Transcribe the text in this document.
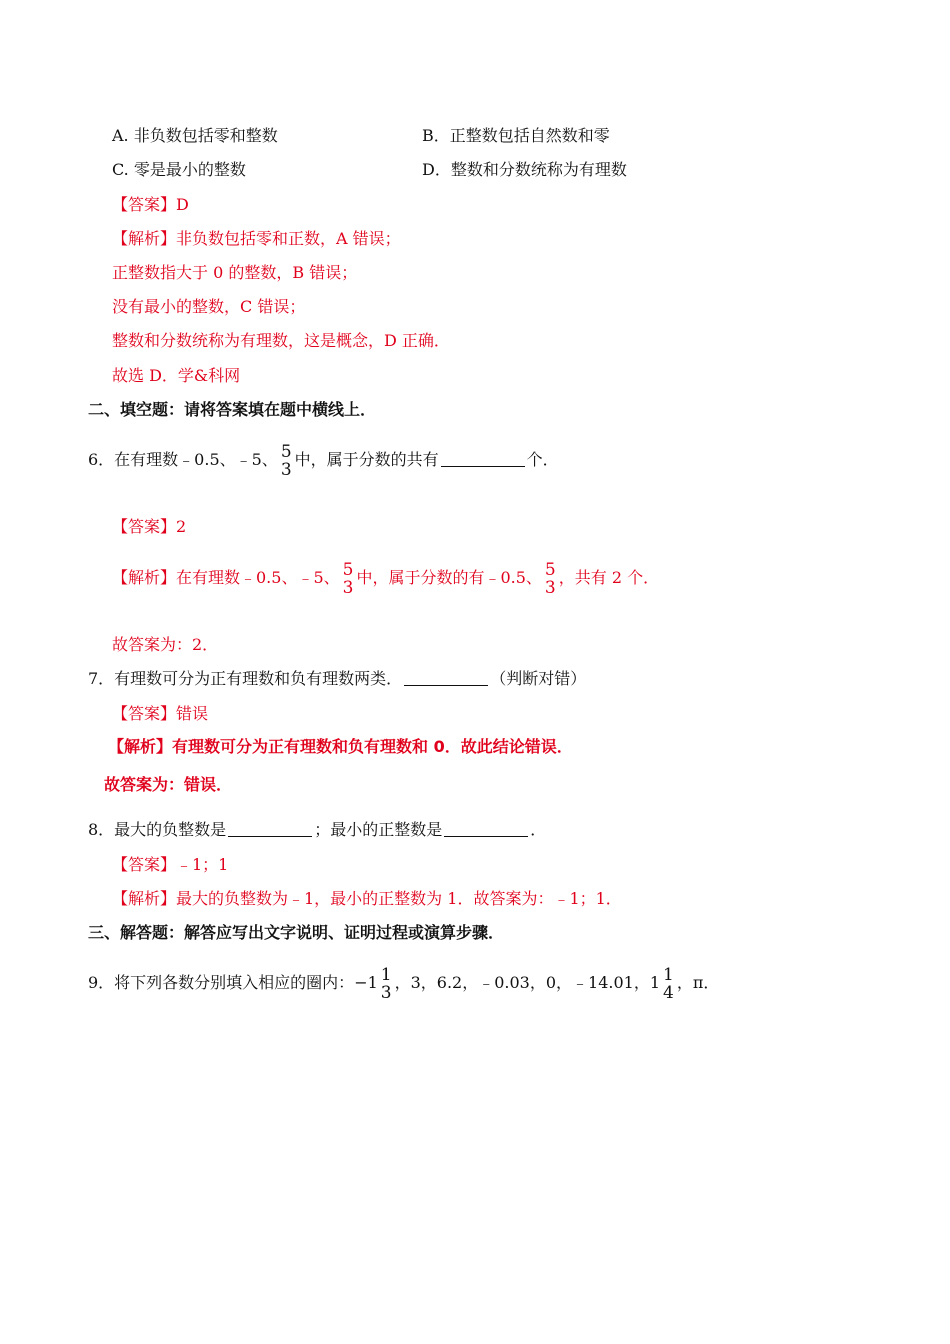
A. 非负数包括零和整数	B．正整数包括自然数和零
C. 零是最小的整数	D．整数和分数统称为有理数
【答案】D
【解析】非负数包括零和正数，A 错误；
正整数指大于 0 的整数，B 错误；
没有最小的整数，C 错误；
整数和分数统称为有理数，这是概念，D 正确．
故选 D．学&科网
二、填空题：请将答案填在题中横线上．
6．在有理数﹣0.5、﹣5、 5
3 中，属于分数的共有	个．
【答案】2
【解析】在有理数﹣0.5、﹣5、 5
3 中，属于分数的有﹣0.5、 5
3 ，共有 2 个．
故答案为：2．
7．有理数可分为正有理数和负有理数两类．	（判断对错）
【答案】错误
【解析】有理数可分为正有理数和负有理数和 0．故此结论错误．
故答案为：错误．
8．最大的负整数是	；最小的正整数是	．
【答案】﹣1；1
【解析】最大的负整数为﹣1，最小的正整数为 1．故答案为：﹣1；1．
三、解答题：解答应写出文字说明、证明过程或演算步骤．
9．将下列各数分别填入相应的圈内：−1 1
3 ，3，6.2，﹣0.03，0，﹣14.01，1 1
4 ，π．
